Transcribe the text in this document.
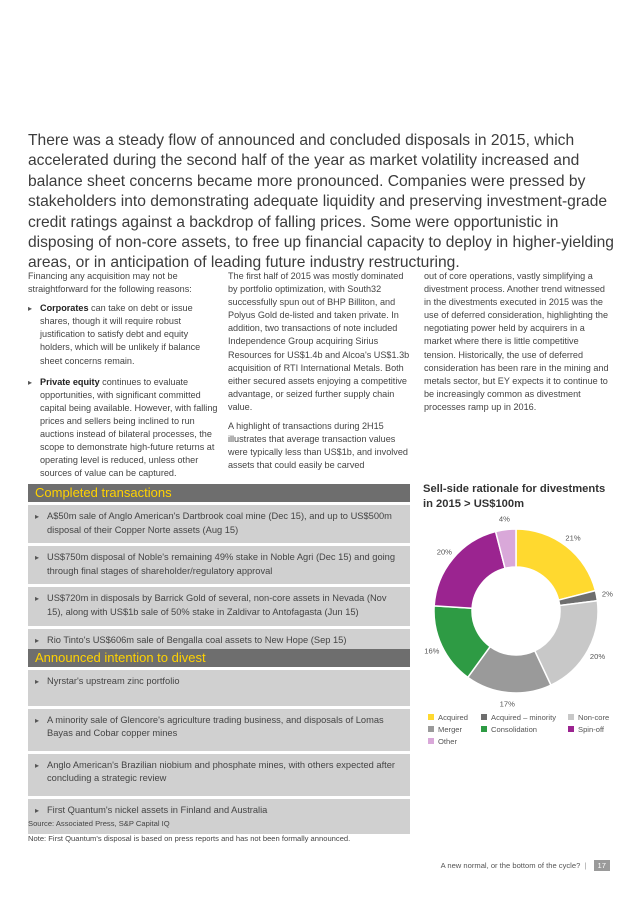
There was a steady flow of announced and concluded disposals in 2015, which accelerated during the second half of the year as market volatility increased and balance sheet concerns became more pronounced. Companies were pressed by stakeholders into demonstrating adequate liquidity and preserving investment-grade credit ratings against a backdrop of falling prices. Some were opportunistic in disposing of non-core assets, to free up financial capacity to deploy in higher-yielding areas, or in anticipation of leading future industry restructuring.

Financing any acquisition may not be straightforward for the following reasons:

▸ Corporates can take on debt or issue shares, though it will require robust justification to satisfy debt and equity holders, which will be unlikely if balance sheet concerns remain.
▸ Private equity continues to evaluate opportunities, with significant committed capital being available. However, with falling prices and sellers being inclined to run auctions instead of bilateral processes, the scope to demonstrate high-future returns at operating level is reduced, unless other sources of value can be captured.

The first half of 2015 was mostly dominated by portfolio optimization, with South32 successfully spun out of BHP Billiton, and Polyus Gold de-listed and taken private. In addition, two transactions of note included Independence Group acquiring Sirius Resources for US$1.4b and Alcoa's US$1.3b acquisition of RTI International Metals. Both either secured assets enjoying a competitive advantage, or seized further supply chain value.

A highlight of transactions during 2H15 illustrates that average transaction values were typically less than US$1b, and involved assets that could easily be carved

out of core operations, vastly simplifying a divestment process. Another trend witnessed in the divestments executed in 2015 was the use of deferred consideration, highlighting the negotiating power held by acquirers in a market where there is little competitive tension. Historically, the use of deferred consideration has been rare in the mining and metals sector, but EY expects it to continue to be increasingly common as divestment processes ramp up in 2016.

Completed transactions
▸ A$50m sale of Anglo American's Dartbrook coal mine (Dec 15), and up to US$500m disposal of their Copper Norte assets (Aug 15)
▸ US$750m disposal of Noble's remaining 49% stake in Noble Agri (Dec 15) and going through final stages of shareholder/regulatory approval
▸ US$720m in disposals by Barrick Gold of several, non-core assets in Nevada (Nov 15), along with US$1b sale of 50% stake in Zaldivar to Antofagasta (Jun 15)
▸ Rio Tinto's US$606m sale of Bengalla coal assets to New Hope (Sep 15)
Announced intention to divest
▸ Nyrstar's upstream zinc portfolio
▸ A minority sale of Glencore's agriculture trading business, and disposals of Lomas Bayas and Cobar copper mines
▸ Anglo American's Brazilian niobium and phosphate mines, with others expected after concluding a strategic review
▸ First Quantum's nickel assets in Finland and Australia
Sell-side rationale for divestments in 2015 > US$100m
21%
2%
20%
17%
16%
20%
4%
Acquired	Acquired – minority	Non-core
Merger	Consolidation	Spin-off
Other

Source: Associated Press, S&P Capital IQ

Note: First Quantum's disposal is based on press reports and has not been formally announced.

A new normal, or the bottom of the cycle? | 17
